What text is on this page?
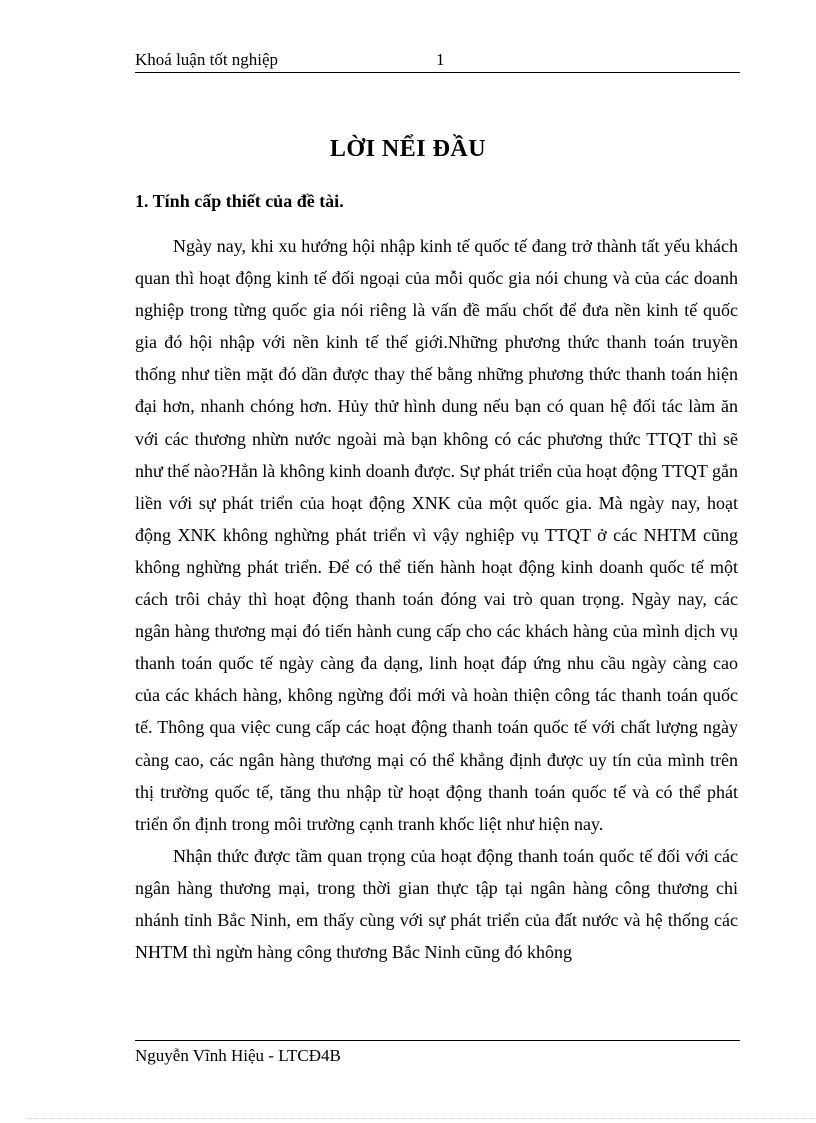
Khoá luận tốt nghiệp	1
LỜI NỂI ĐẦU
1. Tính cấp thiết của đề tài.

Ngày nay, khi xu hướng hội nhập kinh tế quốc tế đang trở thành tất yếu khách quan thì hoạt động kinh tế đối ngoại của mỗi quốc gia nói chung và của các doanh nghiệp trong từng quốc gia nói riêng là vấn đề mấu chốt để đưa nền kinh tế quốc gia đó hội nhập với nền kinh tế thế giới.Những phương thức thanh toán truyền thống như tiền mặt đó dần được thay thế bằng những phương thức thanh toán hiện đại hơn, nhanh chóng hơn. Hủy thử hình dung nếu bạn có quan hệ đối tác làm ăn với các thương nhừn nước ngoài mà bạn không có các phương thức TTQT thì sẽ như thế nào?Hẳn là không kinh doanh được. Sự phát triển của hoạt động TTQT gắn liền với sự phát triển của hoạt động XNK của một quốc gia. Mà ngày nay, hoạt động XNK không nghừng phát triển vì vậy nghiệp vụ TTQT ở các NHTM cũng không nghừng phát triển. Để có thể tiến hành hoạt động kinh doanh quốc tế một cách trôi chảy thì hoạt động thanh toán đóng vai trò quan trọng. Ngày nay, các ngân hàng thương mại đó tiến hành cung cấp cho các khách hàng của mình dịch vụ thanh toán quốc tế ngày càng đa dạng, linh hoạt đáp ứng nhu cầu ngày càng cao của các khách hàng, không ngừng đổi mới và hoàn thiện công tác thanh toán quốc tế. Thông qua việc cung cấp các hoạt động thanh toán quốc tế với chất lượng ngày càng cao, các ngân hàng thương mại có thể khẳng định được uy tín của mình trên thị trường quốc tế, tăng thu nhập từ hoạt động thanh toán quốc tế và có thể phát triển ổn định trong môi trường cạnh tranh khốc liệt như hiện nay.

Nhận thức được tầm quan trọng của hoạt động thanh toán quốc tế đối với các ngân hàng thương mại, trong thời gian thực tập tại ngân hàng công thương chi nhánh tỉnh Bắc Ninh, em thấy cùng với sự phát triển của đất nước và hệ thống các NHTM thì ngừn hàng công thương Bắc Ninh cũng đó không

Nguyễn Vĩnh Hiệu - LTCĐ4B
